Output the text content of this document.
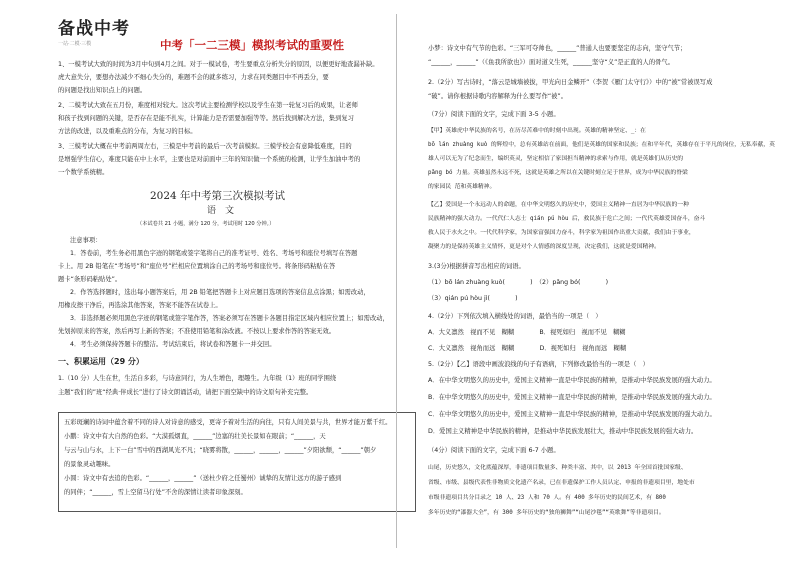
备战中考
一站·二模·三模	中考「一二三模」模拟考试的重要性
1、一模考试大致的时间为3月中旬到4月之间。对于一模试卷，考生要重点分析失分的原因，以便更好地查漏补缺。
虎大意失分，要想办法减少不细心失分的，难题不会的就多练习，力求在同类题目中不再丢分，要
的问题是找出知识点上的问题。
2、二模考试大致在五月份，难度相对较大。这次考试主要检测学校以及学生在第一轮复习后的成果，让老师
和孩子找到问题的关键，是否存在是能不扎实，计算能力是否需要加强等等。然后找到解决方法，集到复习
方法的改进，以及重难点的分布，为复习的目标。
3、三模考试大概在中考前两周左右，三模是中考前的最后一次考前模拟。三模学校会有意降低难度，目的
是增强学生信心，难度只能在中上水平，主要也是对前面中三年的知识做一个系统的检测，让学生加油中考的
一个数学系统精。
2024 年中考第三次模拟考试
语　文
（本试卷共 21 小题，满分 120 分，考试用时 120 分钟。）
注意事项：
1．答卷前，考生务必用黑色字迹的钢笔或签字笔将自己的准考证号、姓名、考场号和座位号填写在答题
卡上。用 2B 铅笔在“考场号”和“座位号”栏相应位置填涂自己的考场号和座位号。将条形码粘贴在答
题卡“条形码粘贴处”。
2．作答选择题时，选出每小题答案后，用 2B 铅笔把答题卡上对应题目选项的答案信息点涂黑；如需改动，
用橡皮擦干净后，再选涂其他答案，答案不能答在试卷上。
3．非选择题必须用黑色字迹的钢笔或签字笔作答，答案必须写在答题卡各题目指定区域内相应位置上；如需改动，
先划掉原来的答案，然后再写上新的答案；不准使用铅笔和涂改液。不按以上要求作答的答案无效。
4．考生必须保持答题卡的整洁。考试结束后，将试卷和答题卡一并交回。
一、积累运用（29 分）
1.（10 分）人生在世，生活自多彩，与诗意同行，为人生增色，理趣生。九年级（1）班的同学围绕
主题“我们的”班“经典·伴成长”进行了诗文朗诵活动，请把下面空缺中的诗文原句补充完整。
五彩斑斓的诗词中蕴含着不同的诗人对诗意的感受，更寄予着对生活的向往，只有人间美景与共，世界才能万紫千红。
小鹏：诗文中有大自然的色彩。“大漠孤烟直，______”边塞的壮美长景如在眼前；“______，天
与云与山与水，上下一白”雪中的西湖风光不凡；“晓雾将散，______，______，______”夕阳欲颓，“______”朝夕
的景象灵动趣味。
小圆：诗文中有去追的色彩。“______，______”（送杜少府之任蜀州）诚挚的友情让远方的游子感到
的同伴；“______，雪上空留马行处”不舍的深情让读者印象深刻。
小梦：诗文中有气节的色彩。“三军可夺帅也，______”普通人也要要坚定的志向，坚守气节；
“______，______”（《鱼我所欲也》）面对道义生死，______坚守“义”是正直的人的骨气。
2.（2分）写古诗时，“落云是城墙被拔，甲光向日金鳞开”（李贺《雁门太守行》）中的“被”常被误写成
“破”。请你根据诗歌内容解释为什么要写作“被”。
（7分）阅读下面的文字，完成下面 3-5 小题。
【甲】英雄虎中华民族的名号，在历尽苦难中的时刻中出现。英雄的精神坚定、_：在
bō lán zhuàng kuò 的辉煌中，总有英雄站在前面，他们是英雄的国家和民族；在和平年代，英雄存在于平凡的岗位，无私奉献，英
雄人可以无为了纪念而生，编织英灵，坚定相信了家国担当精神的求索与作用，就是英雄们从历史的
pǎng bó 力量。英雄虽然永远不死，这就是英雄之所以在关键时刻立足于世界，成为中华民族的脊梁
的家园民 范和英雄精神。
【乙】爱国是一个永远动人的命题，在中华文明悠久的历史中，爱国主义精神一直居为中华民族的一种
民族精神的强大动力。一代代仁人志士 qián pú hòu 后，救民族于危亡之间；一代代英雄爱国奋斗，奋斗
救人民于水火之中。一代代科学家，为国家富强国力奋斗，科学家为祖国作出重大贡献，我们由于事业，
凝聚力的是保持英雄主义情怀，更是对个人情感的深度呈现，决定我们，这就是爱国精神。
3.(3分)根据拼音写出相应的词语。
（1）bō lán zhuàng kuò(　　　　)　（2）pǎng bó(　　　　)
（3）qián pú hòu jì(　　　　)
4.（2分）下列依次填入横线处的词语，最恰当的一项是（　）
A．大义凛然　视而不见　糊糊　　　　B．视死如归　视而不见　糊糊
C．大义凛然　视角而远　糊糊　　　　D．视死如归　视角而远　糊糊
5.（2分）【乙】语段中画波浪线的句子有语病，下列修改最恰当的一项是（　）
A．在中华文明悠久的历史中，爱国主义精神一直是中华民族的精神，是推动中华民族发展的强大动力。
B．在中华文明悠久的历史中，爱国主义精神一直是中华民族的精神，是推动中华民族发展的强大动力。
C．在中华文明悠久的历史中，爱国主义精神一直是中华民族的精神，是推动中华民族发展的强大动力。
D．爱国主义精神是中华民族的精神，是推动中华民族发展壮大，推动中华民族发展的强大动力。
（4分）阅读下面的文字，完成下面 6-7 小题。
山尾，历史悠久，文化底蕴深厚，非遗项目数量多、种类丰富、其中，以 2013 年全国首批国家级、
省级、市级、县级代表性非物质文化遗产名录，已在非遗保护工作人员认定、申报的非遗项目里，地处市
市级非遗项目共分目录之 10 人、23 人和 70 人。有 400 多年历史的民间艺术，有 800
多年历史的“漆器大全”，有 300 多年历史的“独角狮舞”“山尾沙毯”“英歌舞”等非遗项目。
